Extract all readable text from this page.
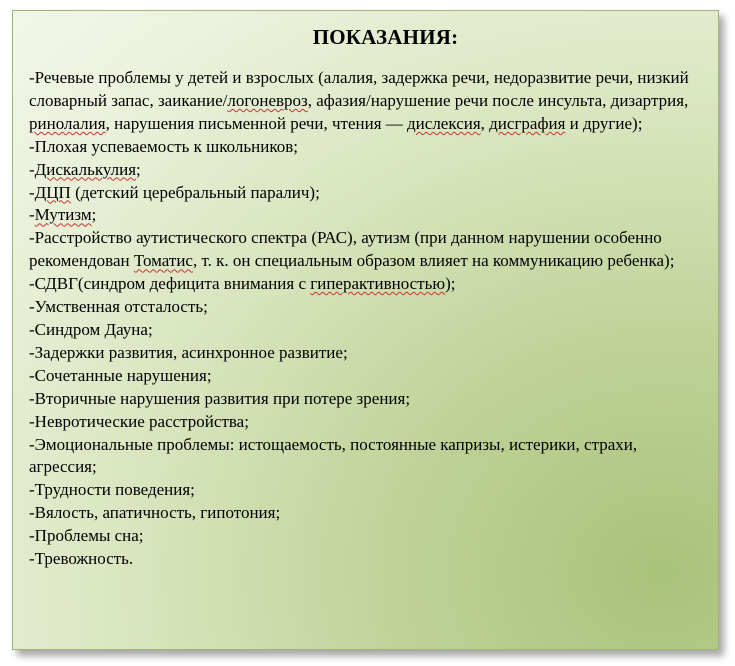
ПОКАЗАНИЯ:
-Речевые проблемы у детей и взрослых (алалия, задержка речи, недоразвитие речи, низкий словарный запас, заикание/логоневроз, афазия/нарушение речи после инсульта, дизартрия, ринолалия, нарушения письменной речи, чтения — дислексия, дисграфия и другие);
-Плохая успеваемость к школьников;
-Дискалькулия;
-ДЦП (детский церебральный паралич);
-Мутизм;
-Расстройство аутистического спектра (РАС), аутизм (при данном нарушении особенно рекомендован Томатис, т. к. он специальным образом влияет на коммуникацию ребенка);
-СДВГ(синдром дефицита внимания с гиперактивностью);
-Умственная отсталость;
-Синдром Дауна;
-Задержки развития, асинхронное развитие;
-Сочетанные нарушения;
-Вторичные нарушения развития при потере зрения;
-Невротические расстройства;
-Эмоциональные проблемы: истощаемость, постоянные капризы, истерики, страхи, агрессия;
-Трудности поведения;
-Вялость, апатичность, гипотония;
-Проблемы сна;
-Тревожность.
